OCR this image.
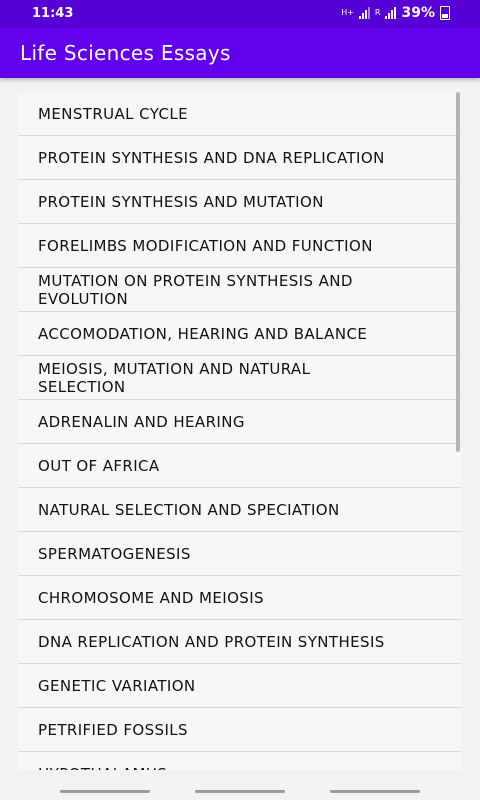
11:43	H+	R 39%
Life Sciences Essays
MENSTRUAL CYCLE
PROTEIN SYNTHESIS AND DNA REPLICATION
PROTEIN SYNTHESIS AND MUTATION
FORELIMBS MODIFICATION AND FUNCTION
MUTATION ON PROTEIN SYNTHESIS AND EVOLUTION
ACCOMODATION, HEARING AND BALANCE
MEIOSIS, MUTATION AND NATURAL SELECTION
ADRENALIN AND HEARING
OUT OF AFRICA
NATURAL SELECTION AND SPECIATION
SPERMATOGENESIS
CHROMOSOME AND MEIOSIS
DNA REPLICATION AND PROTEIN SYNTHESIS
GENETIC VARIATION
PETRIFIED FOSSILS
